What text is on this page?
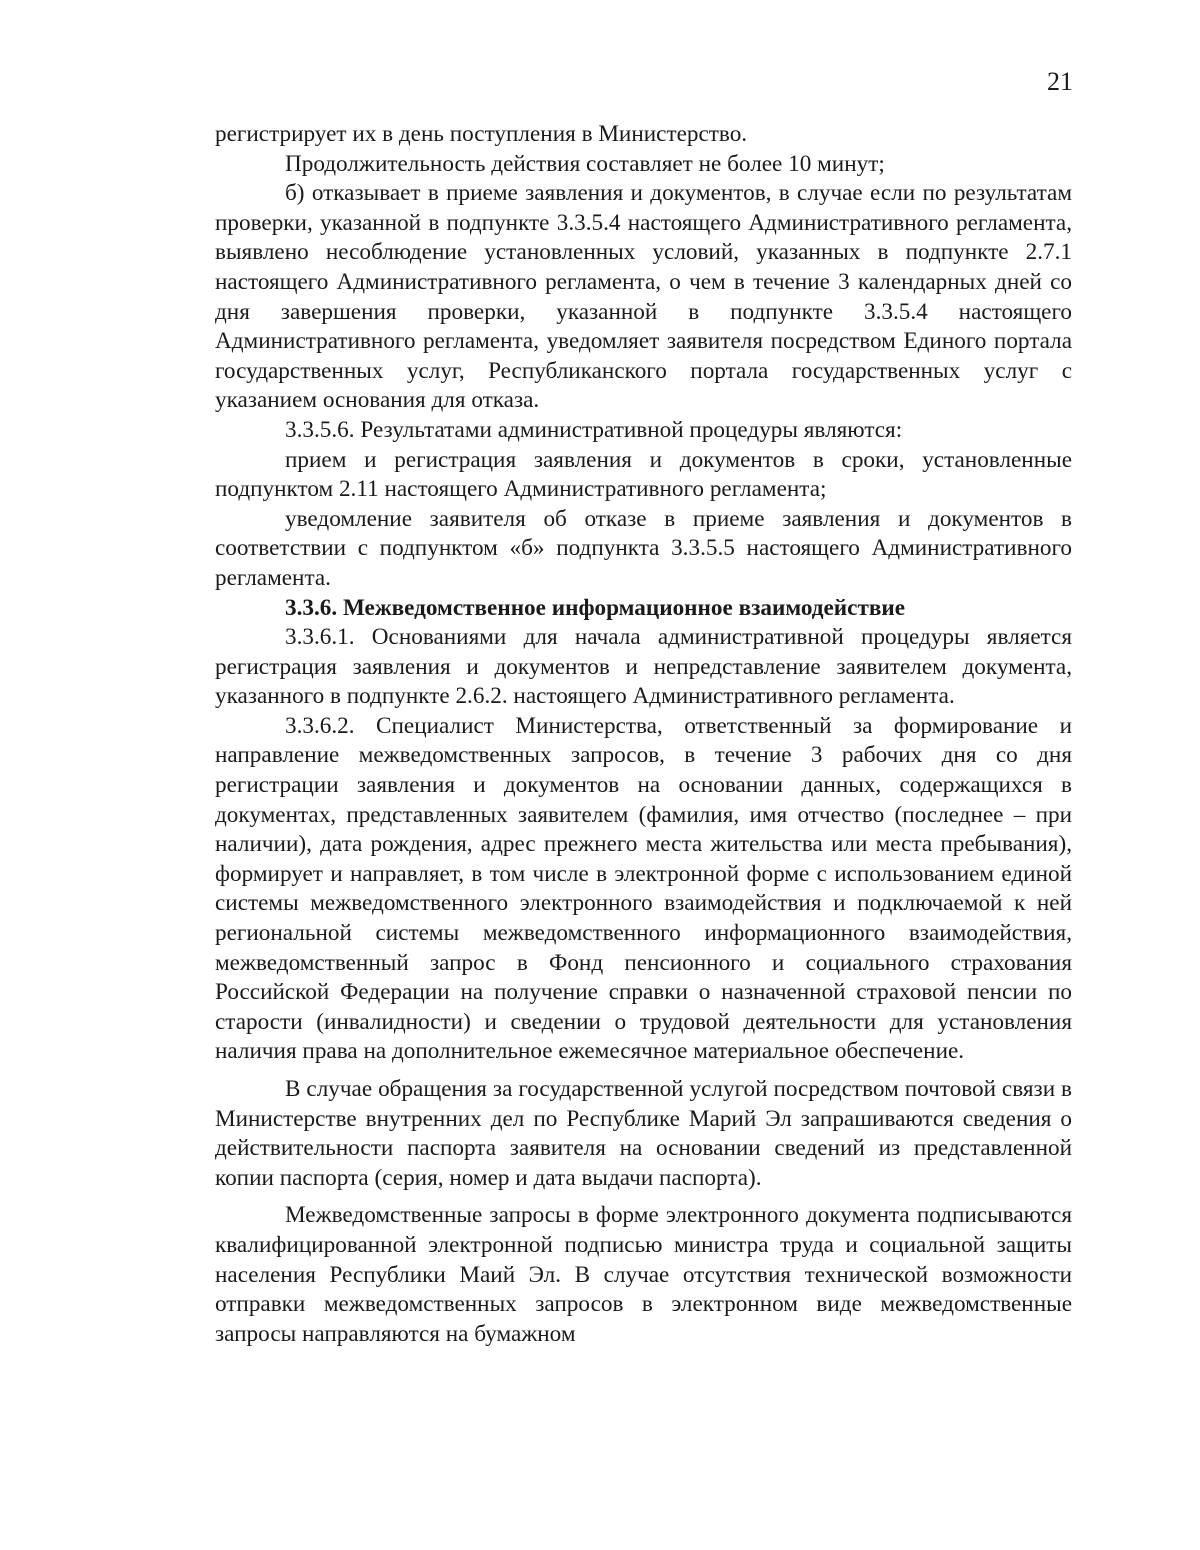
21

регистрирует их в день поступления в Министерство.

Продолжительность действия составляет не более 10 минут;

б) отказывает в приеме заявления и документов, в случае если по результатам проверки, указанной в подпункте 3.3.5.4 настоящего Административного регламента, выявлено несоблюдение установленных условий, указанных в подпункте 2.7.1 настоящего Административного регламента, о чем в течение 3 календарных дней со дня завершения проверки, указанной в подпункте 3.3.5.4 настоящего Административного регламента, уведомляет заявителя посредством Единого портала государственных услуг, Республиканского портала государственных услуг с указанием основания для отказа.

3.3.5.6. Результатами административной процедуры являются:

прием и регистрация заявления и документов в сроки, установленные подпунктом 2.11 настоящего Административного регламента;

уведомление заявителя об отказе в приеме заявления и документов в соответствии с подпунктом «б» подпункта 3.3.5.5 настоящего Административного регламента.

3.3.6. Межведомственное информационное взаимодействие

3.3.6.1. Основаниями для начала административной процедуры является регистрация заявления и документов и непредставление заявителем документа, указанного в подпункте 2.6.2. настоящего Административного регламента.

3.3.6.2. Специалист Министерства, ответственный за формирование и направление межведомственных запросов, в течение 3 рабочих дня со дня регистрации заявления и документов на основании данных, содержащихся в документах, представленных заявителем (фамилия, имя отчество (последнее – при наличии), дата рождения, адрес прежнего места жительства или места пребывания), формирует и направляет, в том числе в электронной форме с использованием единой системы межведомственного электронного взаимодействия и подключаемой к ней региональной системы межведомственного информационного взаимодействия, межведомственный запрос в Фонд пенсионного и социального страхования Российской Федерации на получение справки о назначенной страховой пенсии по старости (инвалидности) и сведении о трудовой деятельности для установления наличия права на дополнительное ежемесячное материальное обеспечение.

В случае обращения за государственной услугой посредством почтовой связи в Министерстве внутренних дел по Республике Марий Эл запрашиваются сведения о действительности паспорта заявителя на основании сведений из представленной копии паспорта (серия, номер и дата выдачи паспорта).

Межведомственные запросы в форме электронного документа подписываются квалифицированной электронной подписью министра труда и социальной защиты населения Республики Маий Эл. В случае отсутствия технической возможности отправки межведомственных запросов в электронном виде межведомственные запросы направляются на бумажном
